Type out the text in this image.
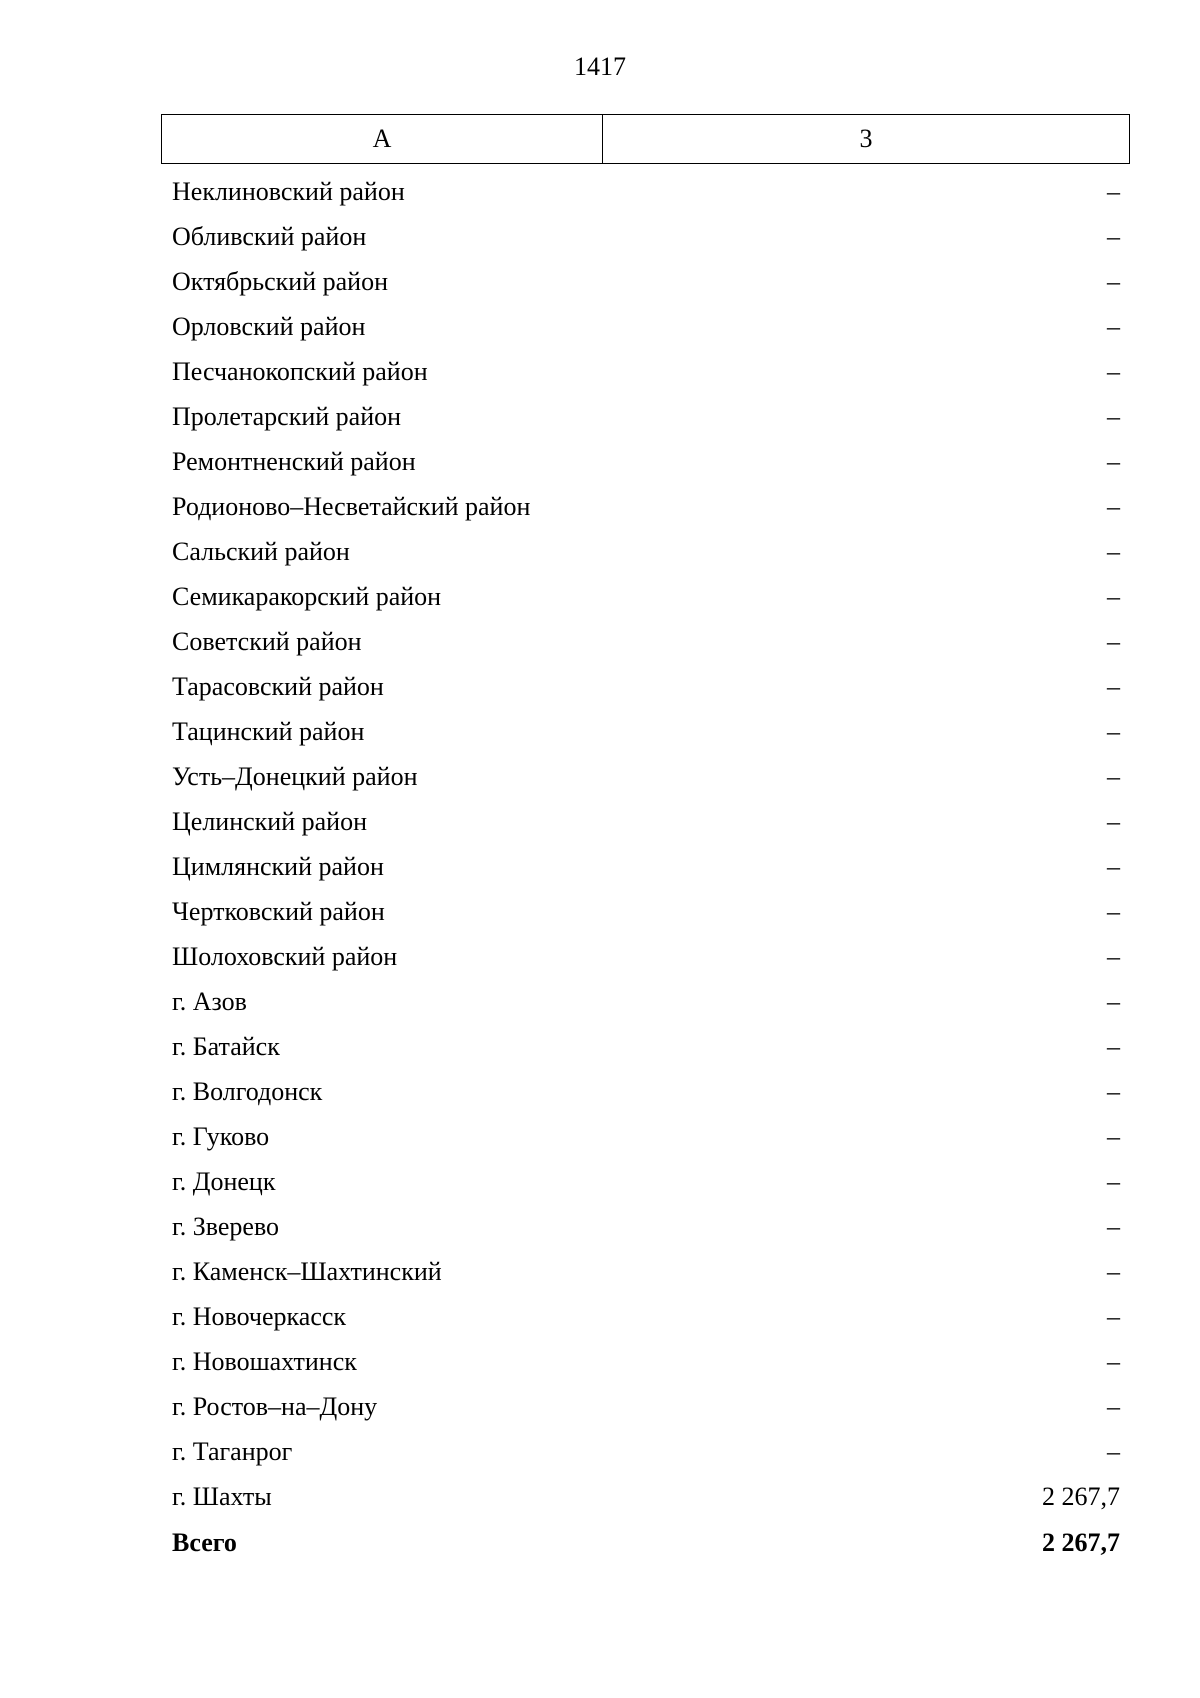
1417
А	3
Неклиновский район	–
Обливский район	–
Октябрьский район	–
Орловский район	–
Песчанокопский район	–
Пролетарский район	–
Ремонтненский район	–
Родионово–Несветайский район	–
Сальский район	–
Семикаракорский район	–
Советский район	–
Тарасовский район	–
Тацинский район	–
Усть–Донецкий район	–
Целинский район	–
Цимлянский район	–
Чертковский район	–
Шолоховский район	–
г. Азов	–
г. Батайск	–
г. Волгодонск	–
г. Гуково	–
г. Донецк	–
г. Зверево	–
г. Каменск–Шахтинский	–
г. Новочеркасск	–
г. Новошахтинск	–
г. Ростов–на–Дону	–
г. Таганрог	–
г. Шахты	2 267,7
Всего	2 267,7
